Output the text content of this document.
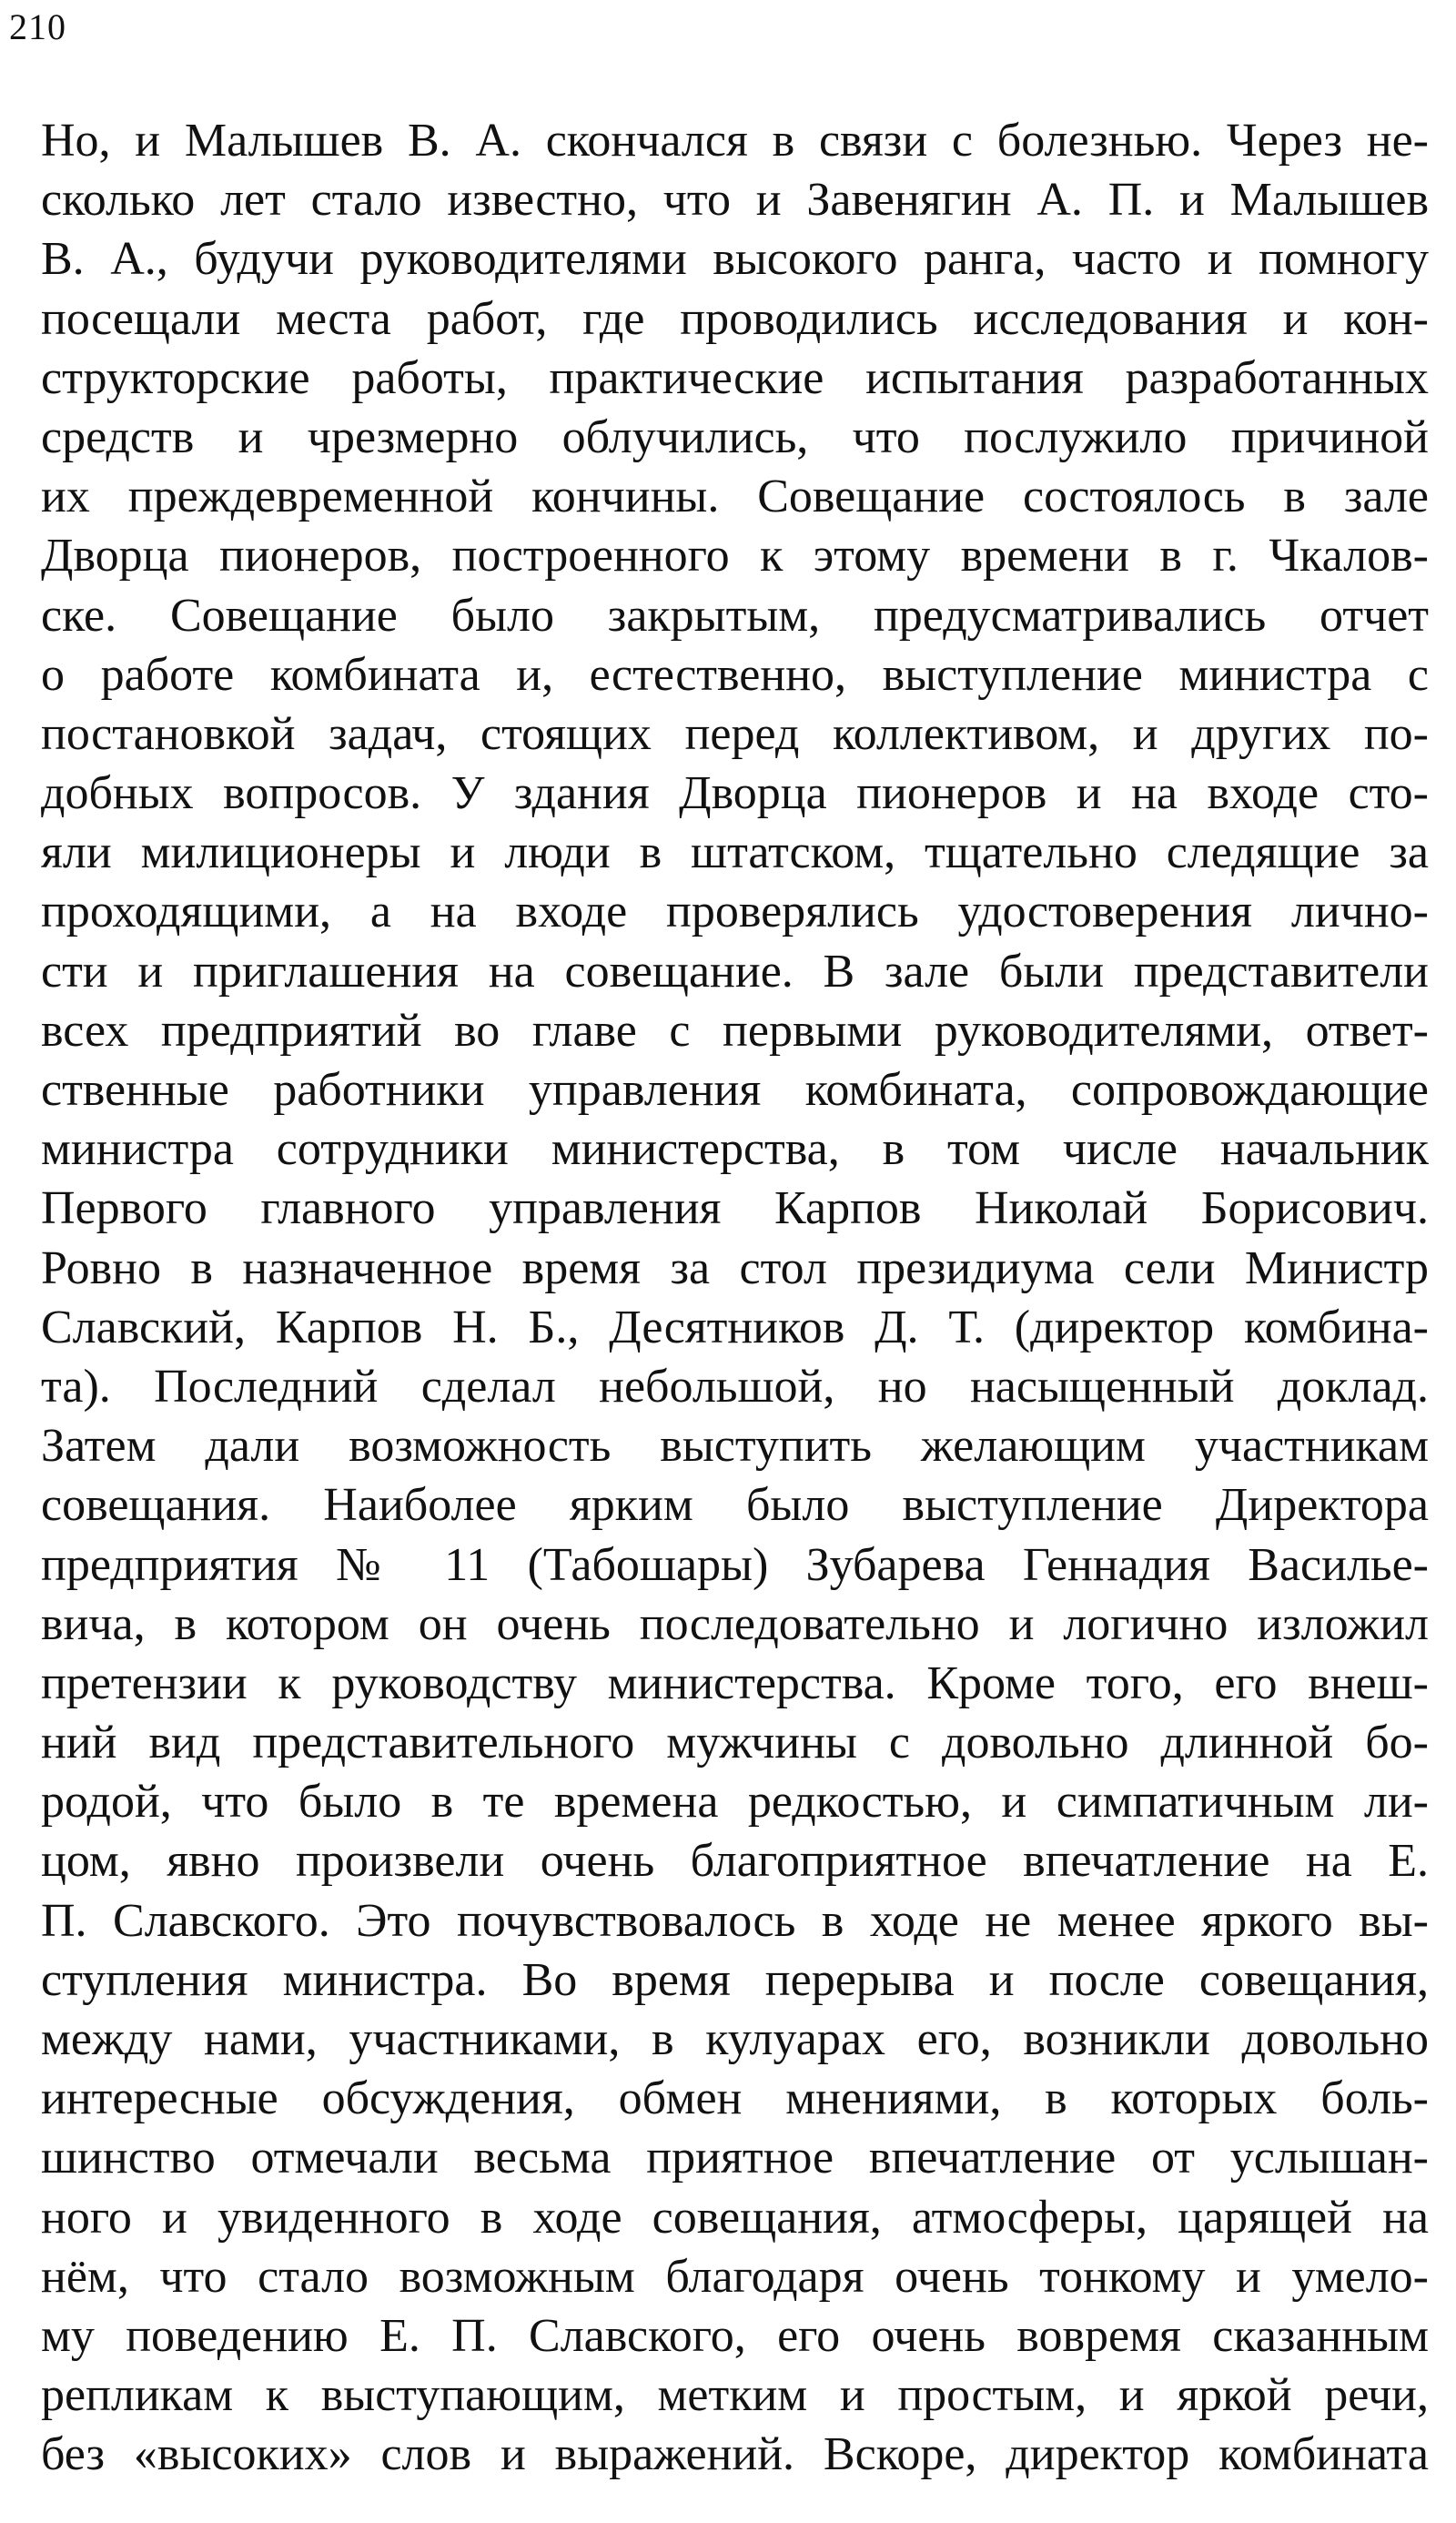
210
Но, и Малышев В. А. скончался в связи с болезнью. Через не-
сколько лет стало известно, что и Завенягин А. П. и Малышев
В. А., будучи руководителями высокого ранга, часто и помногу
посещали места работ, где проводились исследования и кон-
структорские работы, практические испытания разработанных
средств и чрезмерно облучились, что послужило причиной
их преждевременной кончины. Совещание состоялось в зале
Дворца пионеров, построенного к этому времени в г. Чкалов-
ске. Совещание было закрытым, предусматривались отчет
о работе комбината и, естественно, выступление министра с
постановкой задач, стоящих перед коллективом, и других по-
добных вопросов. У здания Дворца пионеров и на входе сто-
яли милиционеры и люди в штатском, тщательно следящие за
проходящими, а на входе проверялись удостоверения лично-
сти и приглашения на совещание. В зале были представители
всех предприятий во главе с первыми руководителями, ответ-
ственные работники управления комбината, сопровождающие
министра сотрудники министерства, в том числе начальник
Первого главного управления Карпов Николай Борисович.
Ровно в назначенное время за стол президиума сели Министр
Славский, Карпов Н. Б., Десятников Д. Т. (директор комбина-
та). Последний сделал небольшой, но насыщенный доклад.
Затем дали возможность выступить желающим участникам
совещания. Наиболее ярким было выступление Директора
предприятия № 11 (Табошары) Зубарева Геннадия Василье-
вича, в котором он очень последовательно и логично изложил
претензии к руководству министерства. Кроме того, его внеш-
ний вид представительного мужчины с довольно длинной бо-
родой, что было в те времена редкостью, и симпатичным ли-
цом, явно произвели очень благоприятное впечатление на Е.
П. Славского. Это почувствовалось в ходе не менее яркого вы-
ступления министра. Во время перерыва и после совещания,
между нами, участниками, в кулуарах его, возникли довольно
интересные обсуждения, обмен мнениями, в которых боль-
шинство отмечали весьма приятное впечатление от услышан-
ного и увиденного в ходе совещания, атмосферы, царящей на
нём, что стало возможным благодаря очень тонкому и умело-
му поведению Е. П. Славского, его очень вовремя сказанным
репликам к выступающим, метким и простым, и яркой речи,
без «высоких» слов и выражений. Вскоре, директор комбината
